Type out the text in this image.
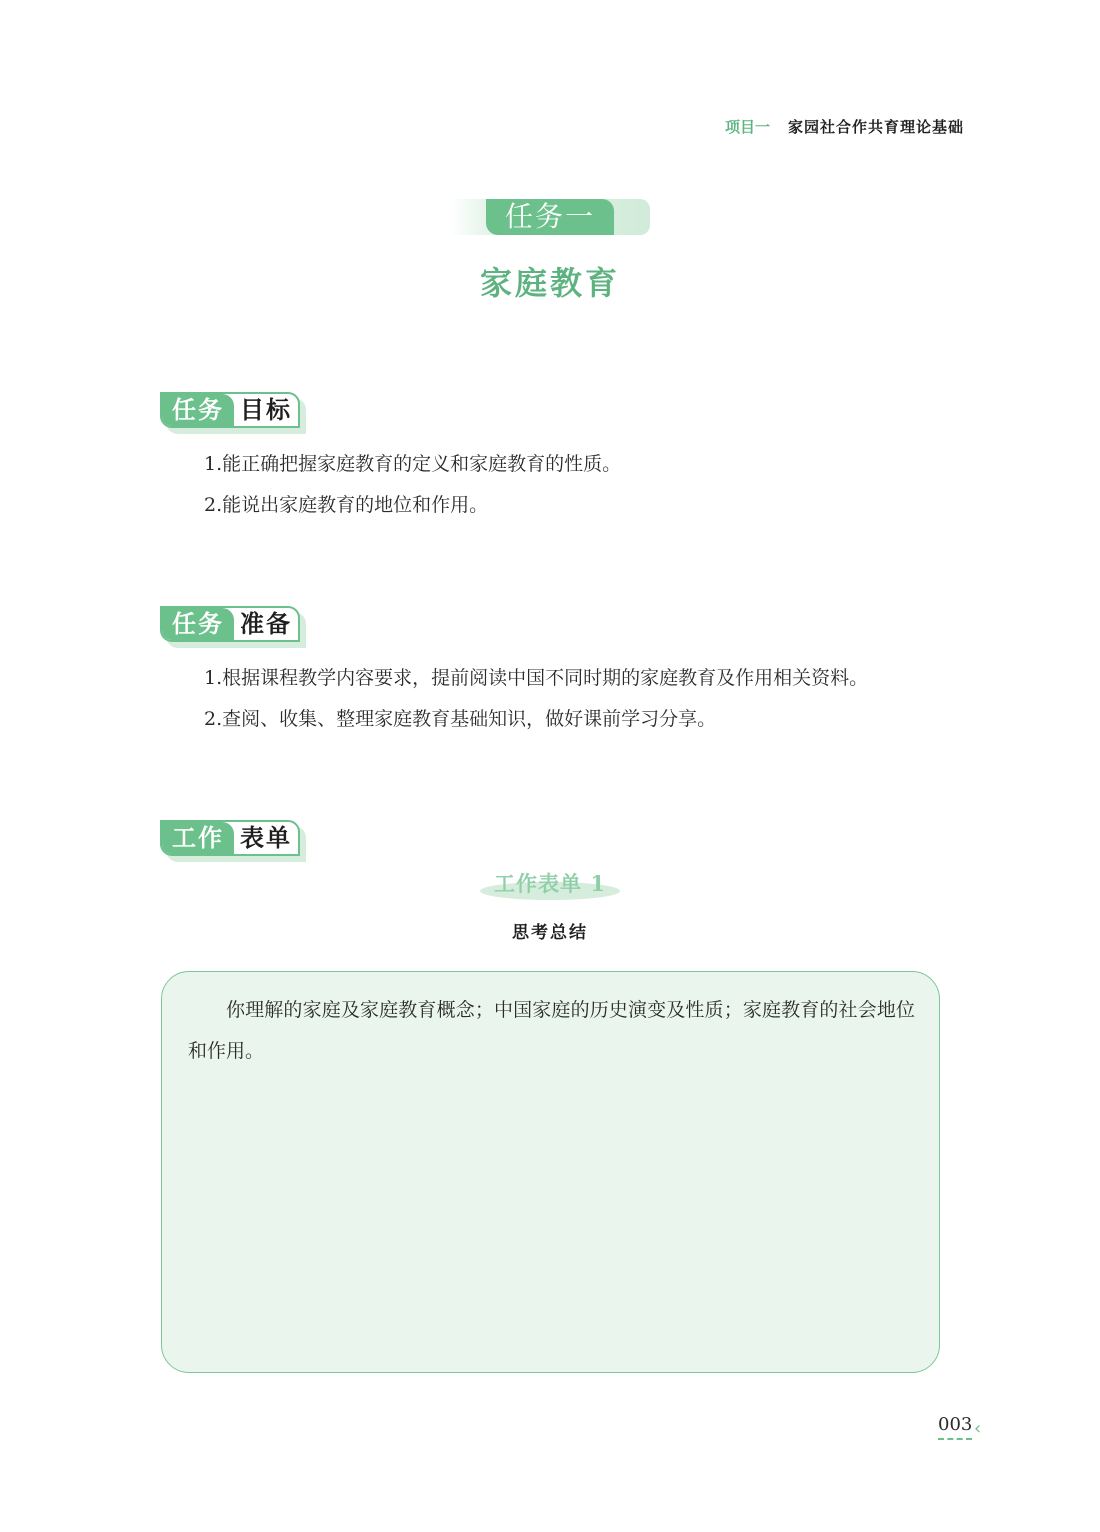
项目一 家园社合作共育理论基础
任务一
家庭教育
任务 目标
1.能正确把握家庭教育的定义和家庭教育的性质。
2.能说出家庭教育的地位和作用。
任务 准备
1.根据课程教学内容要求，提前阅读中国不同时期的家庭教育及作用相关资料。
2.查阅、收集、整理家庭教育基础知识，做好课前学习分享。
工作 表单
工作表单 1
思考总结

你理解的家庭及家庭教育概念；中国家庭的历史演变及性质；家庭教育的社会地位和作用。

003 ‹
